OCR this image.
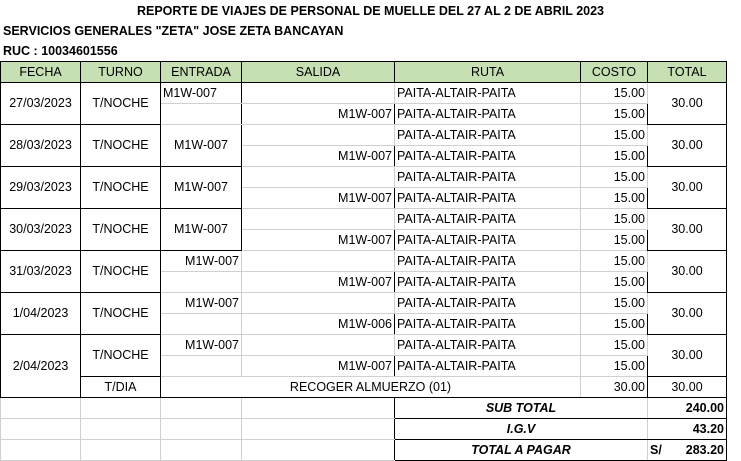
REPORTE DE VIAJES DE PERSONAL DE MUELLE DEL 27 AL 2 DE ABRIL 2023
SERVICIOS GENERALES "ZETA" JOSE ZETA BANCAYAN
RUC : 10034601556
FECHA	TURNO	ENTRADA	SALIDA	RUTA	COSTO	TOTAL
27/03/2023	T/NOCHE	M1W-007		PAITA-ALTAIR-PAITA	15.00	30.00
			M1W-007	PAITA-ALTAIR-PAITA	15.00	
28/03/2023	T/NOCHE	M1W-007		PAITA-ALTAIR-PAITA	15.00	30.00
			M1W-007	PAITA-ALTAIR-PAITA	15.00	
29/03/2023	T/NOCHE	M1W-007		PAITA-ALTAIR-PAITA	15.00	30.00
			M1W-007	PAITA-ALTAIR-PAITA	15.00	
30/03/2023	T/NOCHE	M1W-007		PAITA-ALTAIR-PAITA	15.00	30.00
			M1W-007	PAITA-ALTAIR-PAITA	15.00	
31/03/2023	T/NOCHE	M1W-007		PAITA-ALTAIR-PAITA	15.00	30.00
			M1W-007	PAITA-ALTAIR-PAITA	15.00	
1/04/2023	T/NOCHE	M1W-007		PAITA-ALTAIR-PAITA	15.00	30.00
			M1W-006	PAITA-ALTAIR-PAITA	15.00	
2/04/2023	T/NOCHE	M1W-007		PAITA-ALTAIR-PAITA	15.00	30.00
			M1W-007	PAITA-ALTAIR-PAITA	15.00	
	T/DIA	RECOGER ALMUERZO (01)			30.00	30.00
				SUB TOTAL		240.00
				I.G.V		43.20
				TOTAL A PAGAR		S/ 283.20
